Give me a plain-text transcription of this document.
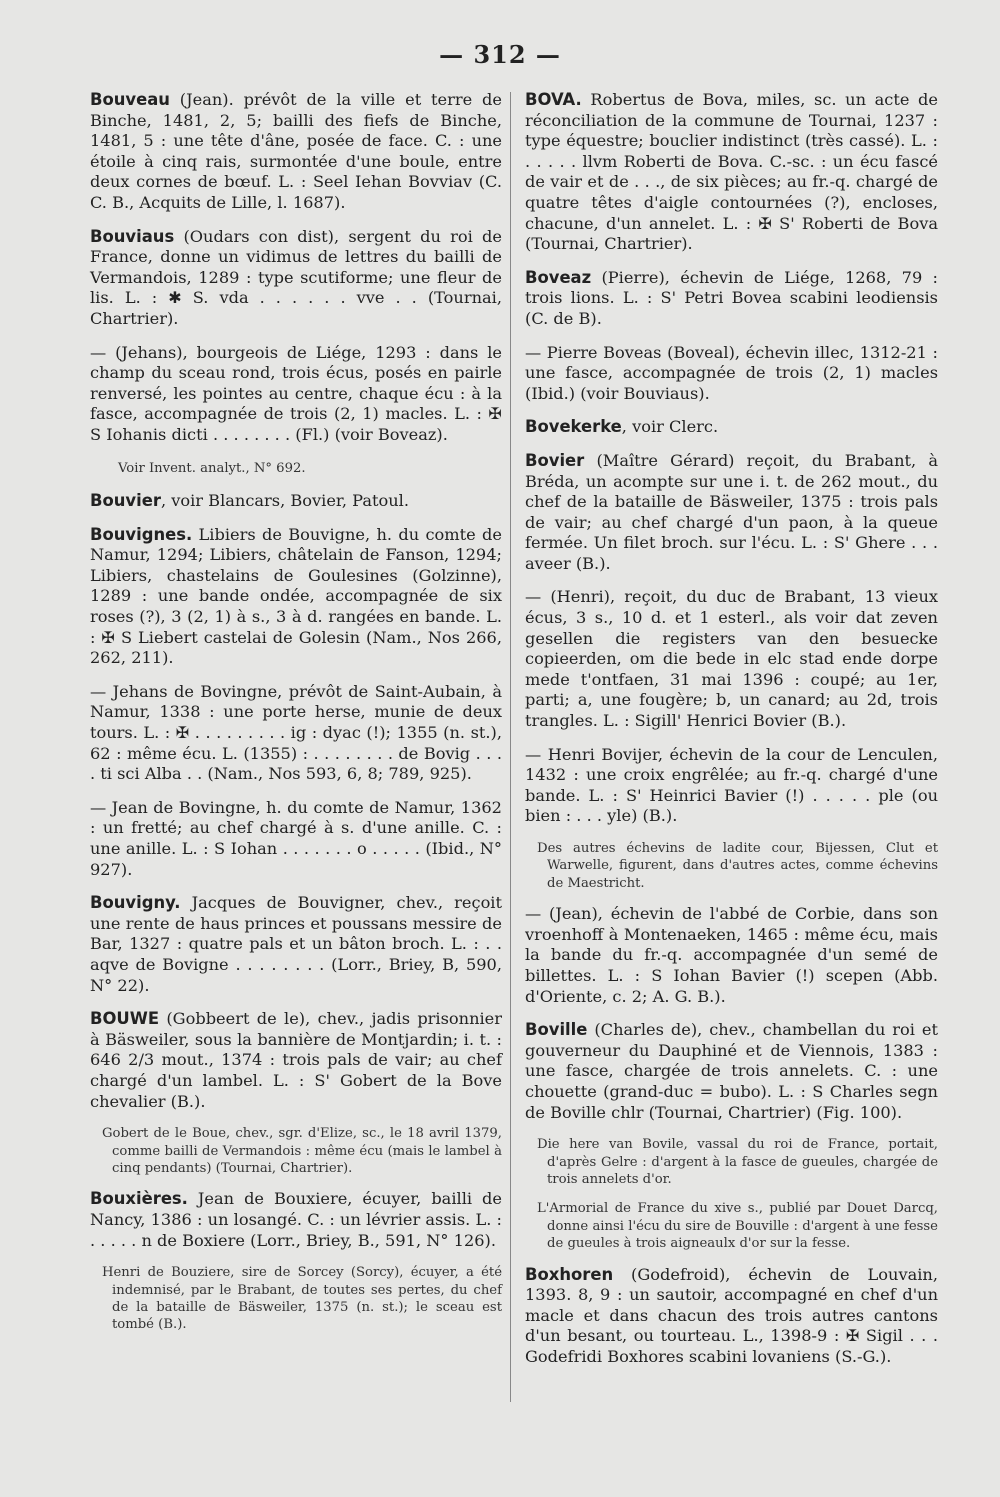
— 312 —
Bouveau (Jean). prévôt de la ville et terre de Binche, 1481, 2, 5; bailli des fiefs de Binche, 1481, 5 : une tête d'âne, posée de face. C. : une étoile à cinq rais, surmontée d'une boule, entre deux cornes de bœuf. L. : Seel Iehan Bovviav (C. C. B., Acquits de Lille, l. 1687).
Bouviaus (Oudars con dist), sergent du roi de France, donne un vidimus de lettres du bailli de Vermandois, 1289 : type scutiforme; une fleur de lis. L. : ✱ S. vda . . . . . . vve . . (Tournai, Chartrier).
— (Jehans), bourgeois de Liége, 1293 : dans le champ du sceau rond, trois écus, posés en pairle renversé, les pointes au centre, chaque écu : à la fasce, accompagnée de trois (2, 1) macles. L. : ✠ S Iohanis dicti . . . . . . . . (Fl.) (voir Boveaz).
Voir Invent. analyt., N° 692.
Bouvier, voir Blancars, Bovier, Patoul.
Bouvignes. Libiers de Bouvigne, h. du comte de Namur, 1294; Libiers, châtelain de Fanson, 1294; Libiers, chastelains de Goulesines (Golzinne), 1289 : une bande ondée, accompagnée de six roses (?), 3 (2, 1) à s., 3 à d. rangées en bande. L. : ✠ S Liebert castelai de Golesin (Nam., Nos 266, 262, 211).
— Jehans de Bovingne, prévôt de Saint-Aubain, à Namur, 1338 : une porte herse, munie de deux tours. L. : ✠ . . . . . . . . . ig : dyac (!); 1355 (n. st.), 62 : même écu. L. (1355) : . . . . . . . . de Bovig . . . . ti sci Alba . . (Nam., Nos 593, 6, 8; 789, 925).
— Jean de Bovingne, h. du comte de Namur, 1362 : un fretté; au chef chargé à s. d'une anille. C. : une anille. L. : S Iohan . . . . . . . o . . . . . (Ibid., N° 927).
Bouvigny. Jacques de Bouvigner, chev., reçoit une rente de haus princes et poussans messire de Bar, 1327 : quatre pals et un bâton broch. L. : . . aqve de Bovigne . . . . . . . . (Lorr., Briey, B, 590, N° 22).
BOUWE (Gobbeert de le), chev., jadis prisonnier à Bäsweiler, sous la bannière de Montjardin; i. t. : 646 2/3 mout., 1374 : trois pals de vair; au chef chargé d'un lambel. L. : S' Gobert de la Bove chevalier (B.).
Gobert de le Boue, chev., sgr. d'Elize, sc., le 18 avril 1379, comme bailli de Vermandois : même écu (mais le lambel à cinq pendants) (Tournai, Chartrier).
Bouxières. Jean de Bouxiere, écuyer, bailli de Nancy, 1386 : un losangé. C. : un lévrier assis. L. : . . . . . n de Boxiere (Lorr., Briey, B., 591, N° 126).
Henri de Bouziere, sire de Sorcey (Sorcy), écuyer, a été indemnisé, par le Brabant, de toutes ses pertes, du chef de la bataille de Bäsweiler, 1375 (n. st.); le sceau est tombé (B.).
BOVA. Robertus de Bova, miles, sc. un acte de réconciliation de la commune de Tournai, 1237 : type équestre; bouclier indistinct (très cassé). L. : . . . . . llvm Roberti de Bova. C.-sc. : un écu fascé de vair et de . . ., de six pièces; au fr.-q. chargé de quatre têtes d'aigle contournées (?), encloses, chacune, d'un annelet. L. : ✠ S' Roberti de Bova (Tournai, Chartrier).
Boveaz (Pierre), échevin de Liége, 1268, 79 : trois lions. L. : S' Petri Bovea scabini leodiensis (C. de B).
— Pierre Boveas (Boveal), échevin illec, 1312-21 : une fasce, accompagnée de trois (2, 1) macles (Ibid.) (voir Bouviaus).
Bovekerke, voir Clerc.
Bovier (Maître Gérard) reçoit, du Brabant, à Bréda, un acompte sur une i. t. de 262 mout., du chef de la bataille de Bäsweiler, 1375 : trois pals de vair; au chef chargé d'un paon, à la queue fermée. Un filet broch. sur l'écu. L. : S' Ghere . . . aveer (B.).
— (Henri), reçoit, du duc de Brabant, 13 vieux écus, 3 s., 10 d. et 1 esterl., als voir dat zeven gesellen die registers van den besuecke copieerden, om die bede in elc stad ende dorpe mede t'ontfaen, 31 mai 1396 : coupé; au 1er, parti; a, une fougère; b, un canard; au 2d, trois trangles. L. : Sigill' Henrici Bovier (B.).
— Henri Bovijer, échevin de la cour de Lenculen, 1432 : une croix engrêlée; au fr.-q. chargé d'une bande. L. : S' Heinrici Bavier (!) . . . . . ple (ou bien : . . . yle) (B.).
Des autres échevins de ladite cour, Bijessen, Clut et Warwelle, figurent, dans d'autres actes, comme échevins de Maestricht.
— (Jean), échevin de l'abbé de Corbie, dans son vroenhoff à Montenaeken, 1465 : même écu, mais la bande du fr.-q. accompagnée d'un semé de billettes. L. : S Iohan Bavier (!) scepen (Abb. d'Oriente, c. 2; A. G. B.).
Boville (Charles de), chev., chambellan du roi et gouverneur du Dauphiné et de Viennois, 1383 : une fasce, chargée de trois annelets. C. : une chouette (grand-duc = bubo). L. : S Charles segn de Boville chlr (Tournai, Chartrier) (Fig. 100).
Die here van Bovile, vassal du roi de France, portait, d'après Gelre : d'argent à la fasce de gueules, chargée de trois annelets d'or.
L'Armorial de France du xive s., publié par Douet Darcq, donne ainsi l'écu du sire de Bouville : d'argent à une fesse de gueules à trois aigneaulx d'or sur la fesse.
Boxhoren (Godefroid), échevin de Louvain, 1393. 8, 9 : un sautoir, accompagné en chef d'un macle et dans chacun des trois autres cantons d'un besant, ou tourteau. L., 1398-9 : ✠ Sigil . . . Godefridi Boxhores scabini lovaniens (S.-G.).
